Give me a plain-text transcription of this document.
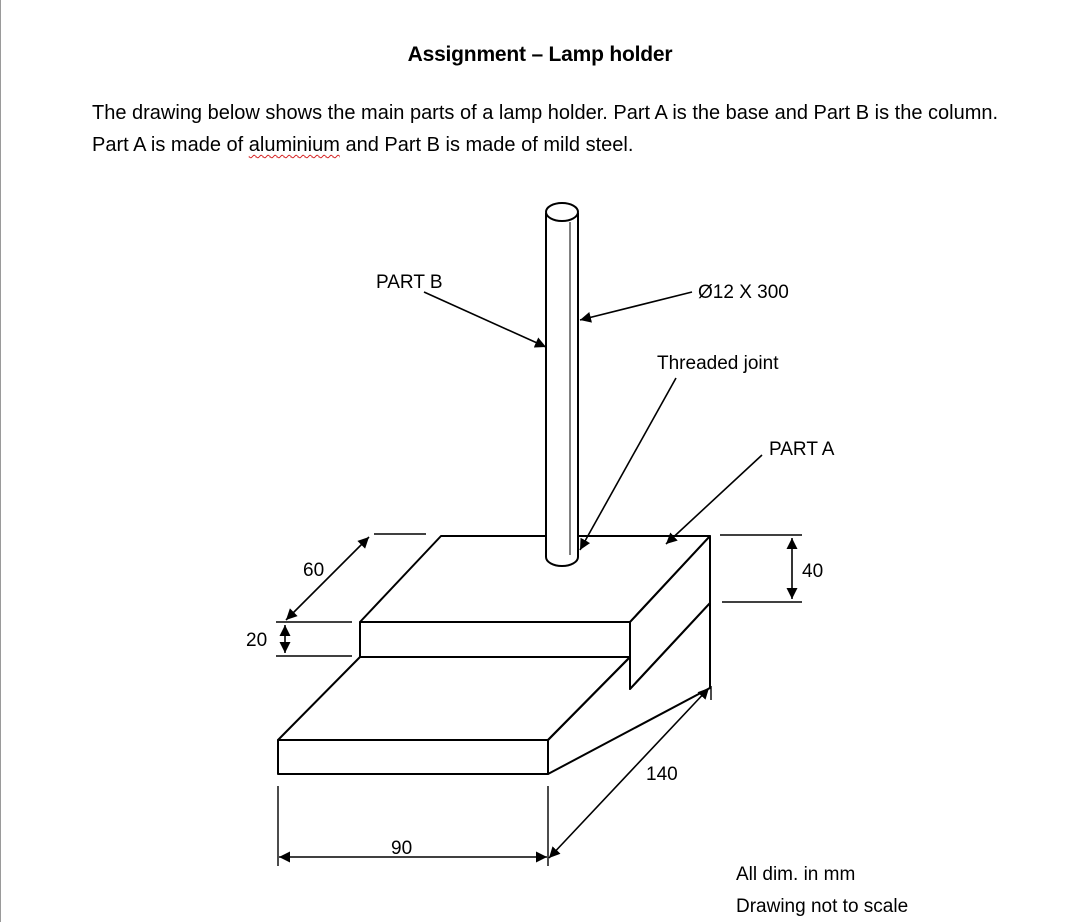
Assignment – Lamp holder

The drawing below shows the main parts of a lamp holder. Part A is the base and Part B is the column.

Part A is made of aluminium and Part B is made of mild steel.

PART B	Ø12 X 300
Threaded joint
PART A
60
20
40
140
90
All dim. in mm
Drawing not to scale
